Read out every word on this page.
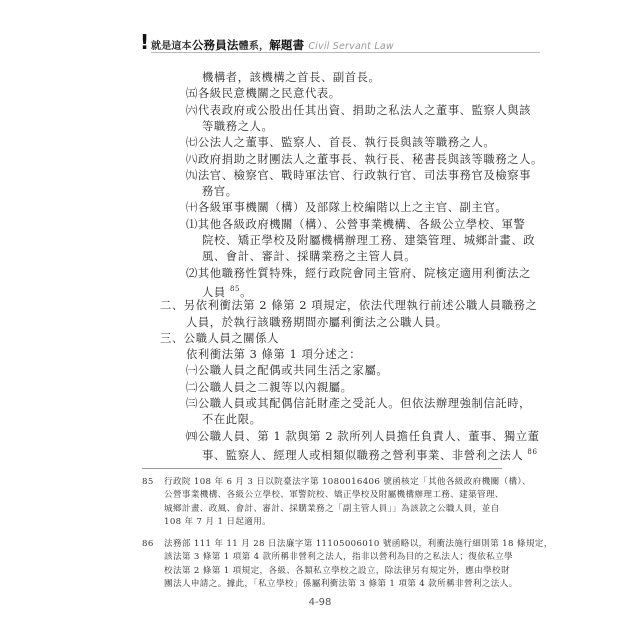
! 就是這本公務員法體系，解題書 Civil Servant Law
機構者，該機構之首長、副首長。
㈤各級民意機關之民意代表。
㈥代表政府或公股出任其出資、捐助之私法人之董事、監察人與該
等職務之人。
㈦公法人之董事、監察人、首長、執行長與該等職務之人。
㈧政府捐助之財團法人之董事長、執行長、秘書長與該等職務之人。
㈨法官、檢察官、戰時軍法官、行政執行官、司法事務官及檢察事
務官。
㈩各級軍事機關（構）及部隊上校編階以上之主官、副主官。
⑴其他各級政府機關（構）、公營事業機構、各級公立學校、軍警
院校、矯正學校及附屬機構辦理工務、建築管理、城鄉計畫、政
風、會計、審計、採購業務之主管人員。
⑵其他職務性質特殊，經行政院會同主管府、院核定適用利衝法之
人員 $^{85}$。
二、另依利衝法第 2 條第 2 項規定，依法代理執行前述公職人員職務之
人員，於執行該職務期間亦屬利衝法之公職人員。
三、公職人員之關係人
依利衝法第 3 條第 1 項分述之：
㈠公職人員之配偶或共同生活之家屬。
㈡公職人員之二親等以內親屬。
㈢公職人員或其配偶信託財產之受託人。但依法辦理強制信託時，
不在此限。
㈣公職人員、第 1 款與第 2 款所列人員擔任負責人、董事、獨立董
事、監察人、經理人或相類似職務之營利事業、非營利之法人 $^{86}$
85 行政院 108 年 6 月 3 日以院臺法字第 1080016406 號函核定「其他各級政府機關（構）、
公營事業機構、各級公立學校、軍警院校、矯正學校及附屬機構辦理工務、建築管理、
城鄉計畫、政風、會計、審計、採購業務之「副主管人員」」為該款之公職人員，並自
108 年 7 月 1 日起適用。
86 法務部 111 年 11 月 28 日法廉字第 11105006010 號函略以，利衝法施行細則第 18 條規定，
該法第 3 條第 1 項第 4 款所稱非營利之法人，指非以營利為目的之私法人；復依私立學
校法第 2 條第 1 項規定，各級、各類私立學校之設立，除法律另有規定外，應由學校財
團法人申請之。據此，「私立學校」係屬利衝法第 3 條第 1 項第 4 款所稱非營利之法人。
4-98
